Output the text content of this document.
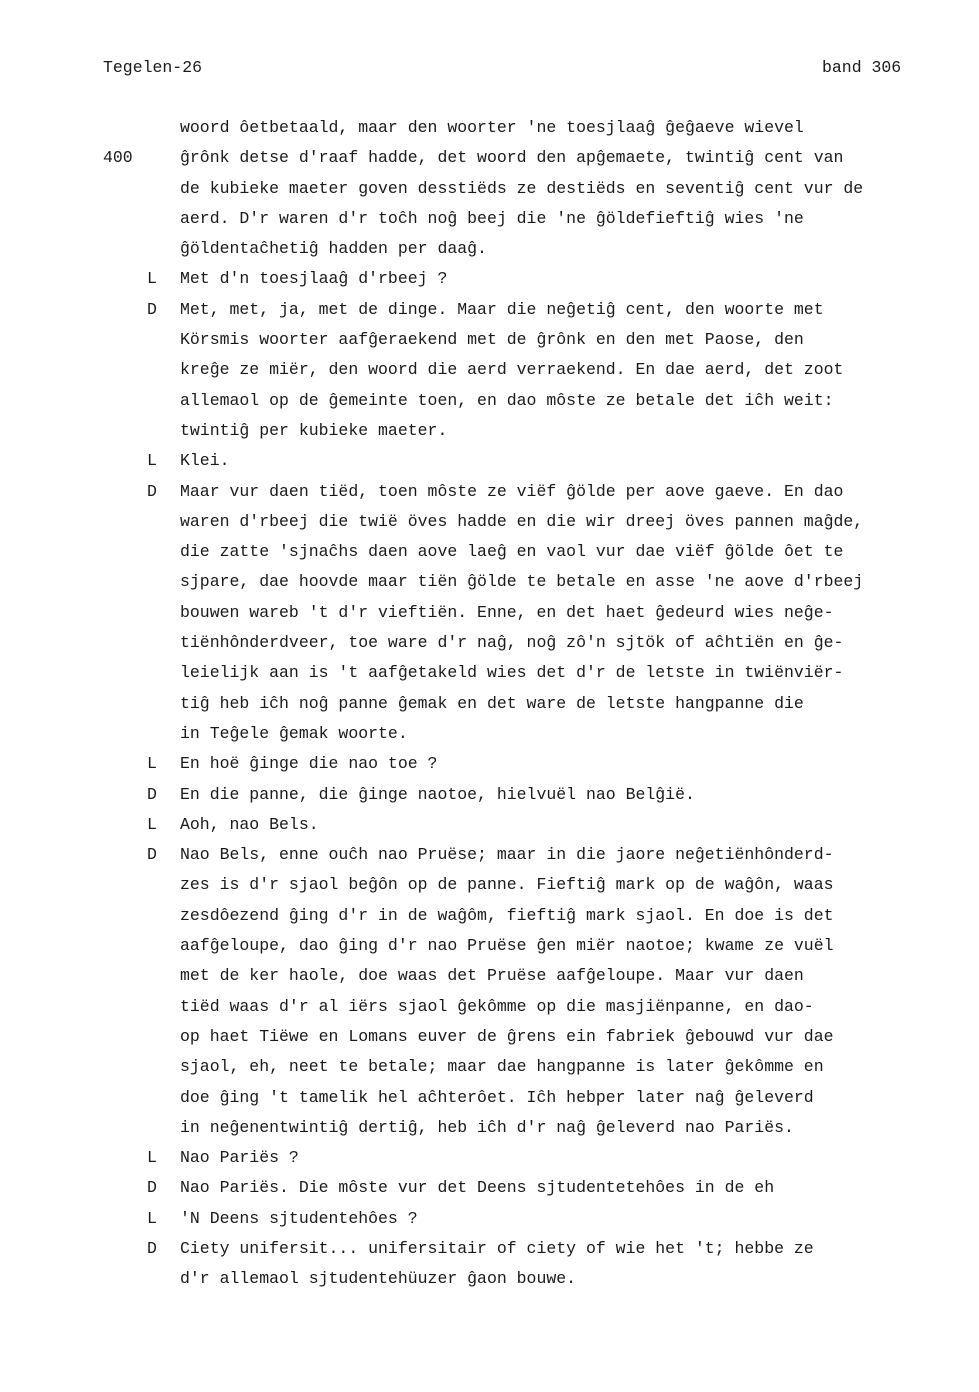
Tegelen-26	band 306
woord ôetbetaald, maar den woorter 'ne toesjlaaĝ ĝeĝaeve wievel
400	ĝrônk detse d'raaf hadde, det woord den apĝemaete, twintiĝ cent van
de kubieke maeter goven desstiëds ze destiëds en seventiĝ cent vur de
aerd. D'r waren d'r toĉh noĝ beej die 'ne ĝöldefieftiĝ wies 'ne
ĝöldentaĉhetiĝ hadden per daaĝ.
L	Met d'n toesjlaaĝ d'rbeej ?
D	Met, met, ja, met de dinge. Maar die neĝetiĝ cent, den woorte met
Körsmis woorter aafĝeraekend met de ĝrônk en den met Paose, den
kreĝe ze miër, den woord die aerd verraekend. En dae aerd, det zoot
allemaol op de ĝemeinte toen, en dao môste ze betale det iĉh weit:
twintiĝ per kubieke maeter.
L	Klei.
D	Maar vur daen tiëd, toen môste ze viëf ĝölde per aove gaeve. En dao
waren d'rbeej die twië öves hadde en die wir dreej öves pannen maĝde,
die zatte 'sjnaĉhs daen aove laeĝ en vaol vur dae viëf ĝölde ôet te
sjpare, dae hoovde maar tiën ĝölde te betale en asse 'ne aove d'rbeej
bouwen wareb 't d'r vieftiën. Enne, en det haet ĝedeurd wies neĝe-
tiënhônderdveer, toe ware d'r naĝ, noĝ zô'n sjtök of aĉhtiën en ĝe-
leielijk aan is 't aafĝetakeld wies det d'r de letste in twiënviër-
tiĝ heb iĉh noĝ panne ĝemak en det ware de letste hangpanne die
in Teĝele ĝemak woorte.
L	En hoë ĝinge die nao toe ?
D	En die panne, die ĝinge naotoe, hielvuël nao Belĝië.
L	Aoh, nao Bels.
D	Nao Bels, enne ouĉh nao Pruëse; maar in die jaore neĝetiënhônderd-
zes is d'r sjaol beĝôn op de panne. Fieftiĝ mark op de waĝôn, waas
zesdôezend ĝing d'r in de waĝôm, fieftiĝ mark sjaol. En doe is det
aafĝeloupe, dao ĝing d'r nao Pruëse ĝen miër naotoe; kwame ze vuël
met de ker haole, doe waas det Pruëse aafĝeloupe. Maar vur daen
tiëd waas d'r al iërs sjaol ĝekômme op die masjiënpanne, en dao-
op haet Tiëwe en Lomans euver de ĝrens ein fabriek ĝebouwd vur dae
sjaol, eh, neet te betale; maar dae hangpanne is later ĝekômme en
doe ĝing 't tamelik hel aĉhterôet. Iĉh hebper later naĝ ĝeleverd
in neĝenentwintiĝ dertiĝ, heb iĉh d'r naĝ ĝeleverd nao Pariës.
L	Nao Pariës ?
D	Nao Pariës. Die môste vur det Deens sjtudentetehôes in de eh
L	'N Deens sjtudentehôes ?
D	Ciety unifersit... unifersitair of ciety of wie het 't; hebbe ze
d'r allemaol sjtudentehüuzer ĝaon bouwe.
